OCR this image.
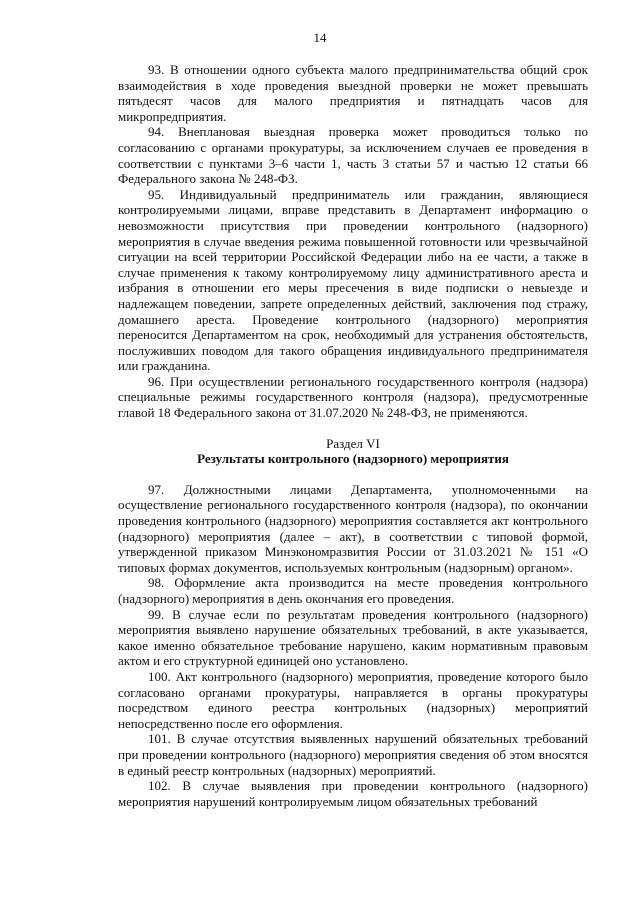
14

93. В отношении одного субъекта малого предпринимательства общий срок взаимодействия в ходе проведения выездной проверки не может превышать пятьдесят часов для малого предприятия и пятнадцать часов для микропредприятия.

94. Внеплановая выездная проверка может проводиться только по согласованию с органами прокуратуры, за исключением случаев ее проведения в соответствии с пунктами 3–6 части 1, часть 3 статьи 57 и частью 12 статьи 66 Федерального закона № 248-ФЗ.

95. Индивидуальный предприниматель или гражданин, являющиеся контролируемыми лицами, вправе представить в Департамент информацию о невозможности присутствия при проведении контрольного (надзорного) мероприятия в случае введения режима повышенной готовности или чрезвычайной ситуации на всей территории Российской Федерации либо на ее части, а также в случае применения к такому контролируемому лицу административного ареста и избрания в отношении его меры пресечения в виде подписки о невыезде и надлежащем поведении, запрете определенных действий, заключения под стражу, домашнего ареста. Проведение контрольного (надзорного) мероприятия переносится Департаментом на срок, необходимый для устранения обстоятельств, послуживших поводом для такого обращения индивидуального предпринимателя или гражданина.

96. При осуществлении регионального государственного контроля (надзора) специальные режимы государственного контроля (надзора), предусмотренные главой 18 Федерального закона от 31.07.2020 № 248-ФЗ, не применяются.

Раздел VI

Результаты контрольного (надзорного) мероприятия

97. Должностными лицами Департамента, уполномоченными на осуществление регионального государственного контроля (надзора), по окончании проведения контрольного (надзорного) мероприятия составляется акт контрольного (надзорного) мероприятия (далее – акт), в соответствии с типовой формой, утвержденной приказом Минэкономразвития России от 31.03.2021 № 151 «О типовых формах документов, используемых контрольным (надзорным) органом».

98. Оформление акта производится на месте проведения контрольного (надзорного) мероприятия в день окончания его проведения.

99. В случае если по результатам проведения контрольного (надзорного) мероприятия выявлено нарушение обязательных требований, в акте указывается, какое именно обязательное требование нарушено, каким нормативным правовым актом и его структурной единицей оно установлено.

100. Акт контрольного (надзорного) мероприятия, проведение которого было согласовано органами прокуратуры, направляется в органы прокуратуры посредством единого реестра контрольных (надзорных) мероприятий непосредственно после его оформления.

101. В случае отсутствия выявленных нарушений обязательных требований при проведении контрольного (надзорного) мероприятия сведения об этом вносятся в единый реестр контрольных (надзорных) мероприятий.

102. В случае выявления при проведении контрольного (надзорного) мероприятия нарушений контролируемым лицом обязательных требований
